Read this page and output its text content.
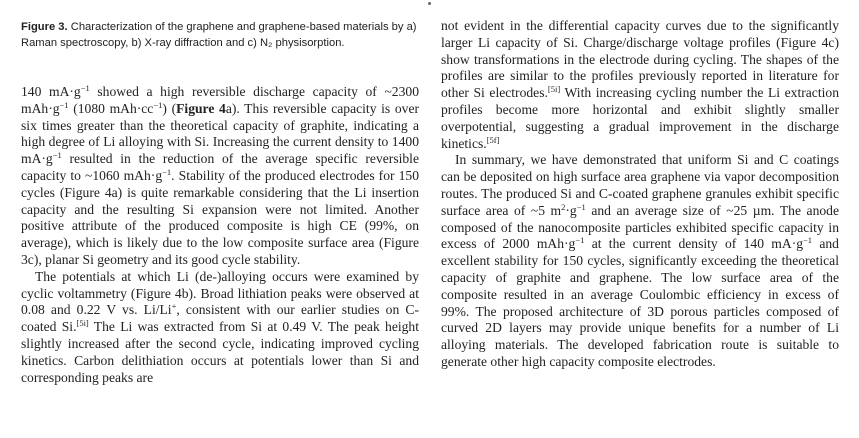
Figure 3. Characterization of the graphene and graphene-based materials by a) Raman spectroscopy, b) X-ray diffraction and c) N₂ physisorption.

140 $mA\cdot g^{-1}$ showed a high reversible discharge capacity of ~2300 $mAh\cdot g^{-1}$ (1080 $mAh\cdot cc^{-1}$) (Figure 4a). This reversible capacity is over six times greater than the theoretical capacity of graphite, indicating a high degree of Li alloying with Si. Increasing the current density to 1400 $mA\cdot g^{-1}$ resulted in the reduction of the average specific reversible capacity to ~1060 $mAh\cdot g^{-1}$. Stability of the produced electrodes for 150 cycles (Figure 4a) is quite remarkable considering that the Li insertion capacity and the resulting Si expansion were not limited. Another positive attribute of the produced composite is high CE (99%, on average), which is likely due to the low composite surface area (Figure 3c), planar Si geometry and its good cycle stability.

The potentials at which Li (de-)alloying occurs were examined by cyclic voltammetry (Figure 4b). Broad lithiation peaks were observed at 0.08 and 0.22 V vs. Li/Li+, consistent with our earlier studies on C-coated Si.[5i] The Li was extracted from Si at 0.49 V. The peak height slightly increased after the second cycle, indicating improved cycling kinetics. Carbon delithiation occurs at potentials lower than Si and corresponding peaks are

not evident in the differential capacity curves due to the significantly larger Li capacity of Si. Charge/discharge voltage profiles (Figure 4c) show transformations in the electrode during cycling. The shapes of the profiles are similar to the profiles previously reported in literature for other Si electrodes.[5i] With increasing cycling number the Li extraction profiles become more horizontal and exhibit slightly smaller overpotential, suggesting a gradual improvement in the discharge kinetics.[5f]

In summary, we have demonstrated that uniform Si and C coatings can be deposited on high surface area graphene via vapor decomposition routes. The produced Si and C-coated graphene granules exhibit specific surface area of ~5 $m^2\cdot g^{-1}$ and an average size of ~25 µm. The anode composed of the nanocomposite particles exhibited specific capacity in excess of 2000 $mAh\cdot g^{-1}$ at the current density of 140 $mA\cdot g^{-1}$ and excellent stability for 150 cycles, significantly exceeding the theoretical capacity of graphite and graphene. The low surface area of the composite resulted in an average Coulombic efficiency in excess of 99%. The proposed architecture of 3D porous particles composed of curved 2D layers may provide unique benefits for a number of Li alloying materials. The developed fabrication route is suitable to generate other high capacity composite electrodes.
